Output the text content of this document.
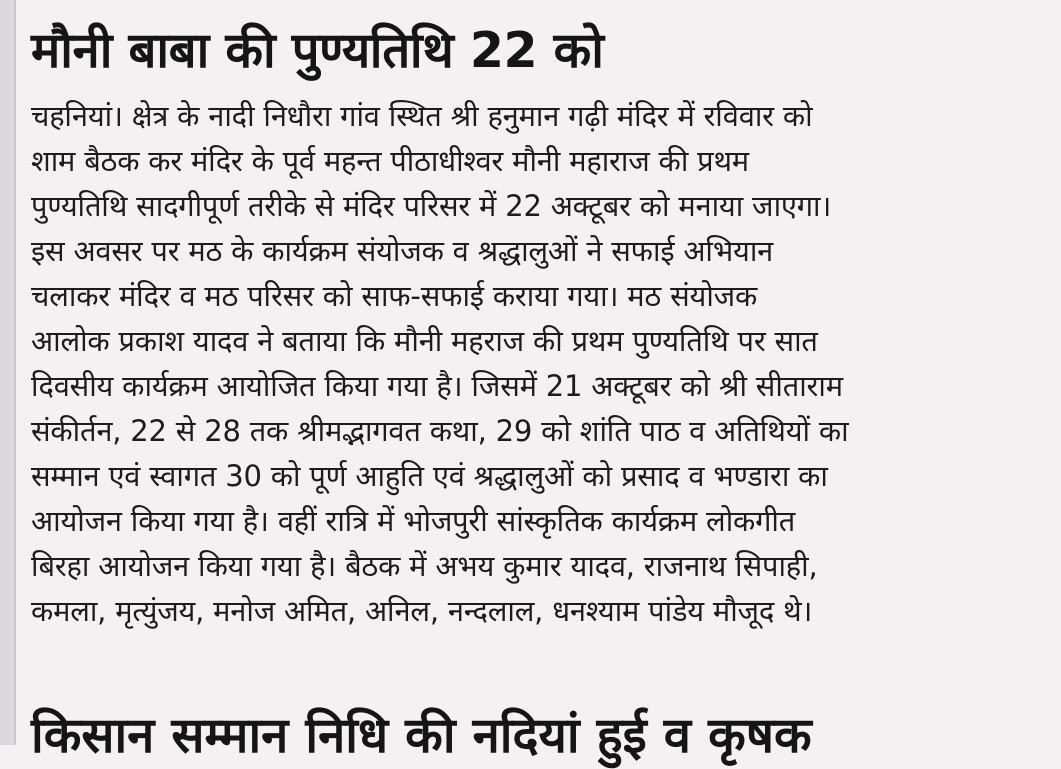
मौनी बाबा की पुण्यतिथि 22 को
चहनियां। क्षेत्र के नादी निधौरा गांव स्थित श्री हनुमान गढ़ी मंदिर में रविवार को
शाम बैठक कर मंदिर के पूर्व महन्त पीठाधीश्वर मौनी महाराज की प्रथम
पुण्यतिथि सादगीपूर्ण तरीके से मंदिर परिसर में 22 अक्टूबर को मनाया जाएगा।
इस अवसर पर मठ के कार्यक्रम संयोजक व श्रद्धालुओं ने सफाई अभियान
चलाकर मंदिर व मठ परिसर को साफ-सफाई कराया गया। मठ संयोजक
आलोक प्रकाश यादव ने बताया कि मौनी महराज की प्रथम पुण्यतिथि पर सात
दिवसीय कार्यक्रम आयोजित किया गया है। जिसमें 21 अक्टूबर को श्री सीताराम
संकीर्तन, 22 से 28 तक श्रीमद्भागवत कथा, 29 को शांति पाठ व अतिथियों का
सम्मान एवं स्वागत 30 को पूर्ण आहुति एवं श्रद्धालुओं को प्रसाद व भण्डारा का
आयोजन किया गया है। वहीं रात्रि में भोजपुरी सांस्कृतिक कार्यक्रम लोकगीत
बिरहा आयोजन किया गया है। बैठक में अभय कुमार यादव, राजनाथ सिपाही,
कमला, मृत्युंजय, मनोज अमित, अनिल, नन्दलाल, धनश्याम पांडेय मौजूद थे।
किसान सम्मान निधि की नदियां हुई व कृषक
